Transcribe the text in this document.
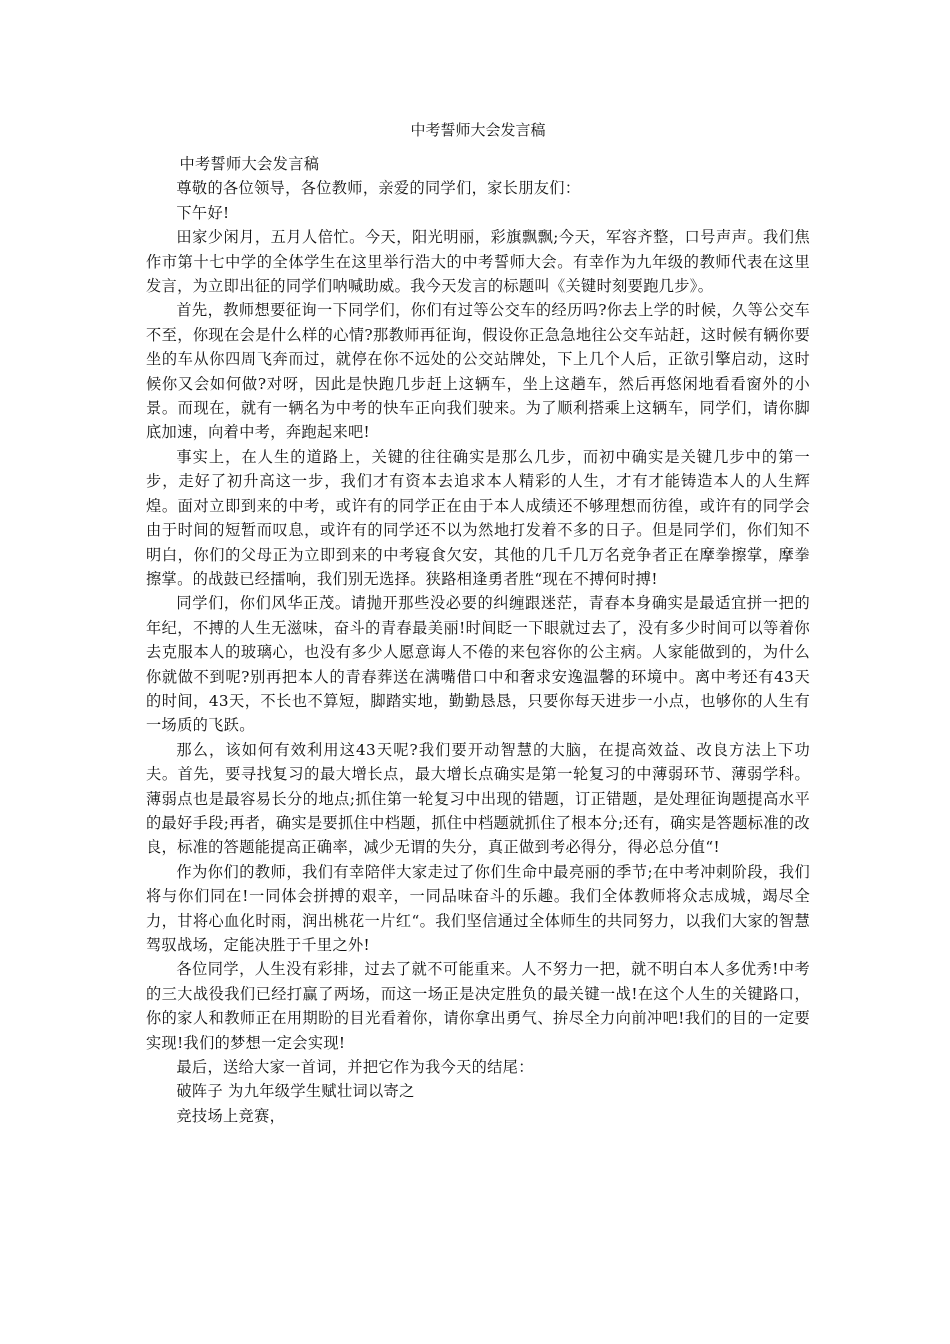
中考誓师大会发言稿

中考誓师大会发言稿

尊敬的各位领导，各位教师，亲爱的同学们，家长朋友们：

下午好!

田家少闲月，五月人倍忙。今天，阳光明丽，彩旗飘飘;今天，军容齐整，口号声声。我们焦作市第十七中学的全体学生在这里举行浩大的中考誓师大会。有幸作为九年级的教师代表在这里发言，为立即出征的同学们呐喊助威。我今天发言的标题叫《关键时刻要跑几步》。

首先，教师想要征询一下同学们，你们有过等公交车的经历吗?你去上学的时候，久等公交车不至，你现在会是什么样的心情?那教师再征询，假设你正急急地往公交车站赶，这时候有辆你要坐的车从你四周飞奔而过，就停在你不远处的公交站牌处，下上几个人后，正欲引擎启动，这时候你又会如何做?对呀，因此是快跑几步赶上这辆车，坐上这趟车，然后再悠闲地看看窗外的小景。而现在，就有一辆名为中考的快车正向我们驶来。为了顺利搭乘上这辆车，同学们，请你脚底加速，向着中考，奔跑起来吧!

事实上，在人生的道路上，关键的往往确实是那么几步，而初中确实是关键几步中的第一步，走好了初升高这一步，我们才有资本去追求本人精彩的人生，才有才能铸造本人的人生辉煌。面对立即到来的中考，或许有的同学正在由于本人成绩还不够理想而彷徨，或许有的同学会由于时间的短暂而叹息，或许有的同学还不以为然地打发着不多的日子。但是同学们，你们知不明白，你们的父母正为立即到来的中考寝食欠安，其他的几千几万名竞争者正在摩拳擦掌，摩拳擦掌。的战鼓已经擂响，我们别无选择。狭路相逢勇者胜“现在不搏何时搏!

同学们，你们风华正茂。请抛开那些没必要的纠缠跟迷茫，青春本身确实是最适宜拼一把的年纪，不搏的人生无滋味，奋斗的青春最美丽!时间眨一下眼就过去了，没有多少时间可以等着你去克服本人的玻璃心，也没有多少人愿意诲人不倦的来包容你的公主病。人家能做到的，为什么你就做不到呢?别再把本人的青春葬送在满嘴借口中和奢求安逸温馨的环境中。离中考还有43天的时间，43天，不长也不算短，脚踏实地，勤勤恳恳，只要你每天进步一小点，也够你的人生有一场质的飞跃。

那么，该如何有效利用这43天呢?我们要开动智慧的大脑，在提高效益、改良方法上下功夫。首先，要寻找复习的最大增长点，最大增长点确实是第一轮复习的中薄弱环节、薄弱学科。薄弱点也是最容易长分的地点;抓住第一轮复习中出现的错题，订正错题，是处理征询题提高水平的最好手段;再者，确实是要抓住中档题，抓住中档题就抓住了根本分;还有，确实是答题标准的改良，标准的答题能提高正确率，减少无谓的失分，真正做到考必得分，得必总分值“!

作为你们的教师，我们有幸陪伴大家走过了你们生命中最亮丽的季节;在中考冲刺阶段，我们将与你们同在!一同体会拼搏的艰辛，一同品味奋斗的乐趣。我们全体教师将众志成城，竭尽全力，甘将心血化时雨，润出桃花一片红“。我们坚信通过全体师生的共同努力，以我们大家的智慧驾驭战场，定能决胜于千里之外!

各位同学，人生没有彩排，过去了就不可能重来。人不努力一把，就不明白本人多优秀!中考的三大战役我们已经打赢了两场，而这一场正是决定胜负的最关键一战!在这个人生的关键路口，你的家人和教师正在用期盼的目光看着你，请你拿出勇气、拚尽全力向前冲吧!我们的目的一定要实现!我们的梦想一定会实现!

最后，送给大家一首词，并把它作为我今天的结尾：

破阵子 为九年级学生赋壮词以寄之

竞技场上竞赛，
